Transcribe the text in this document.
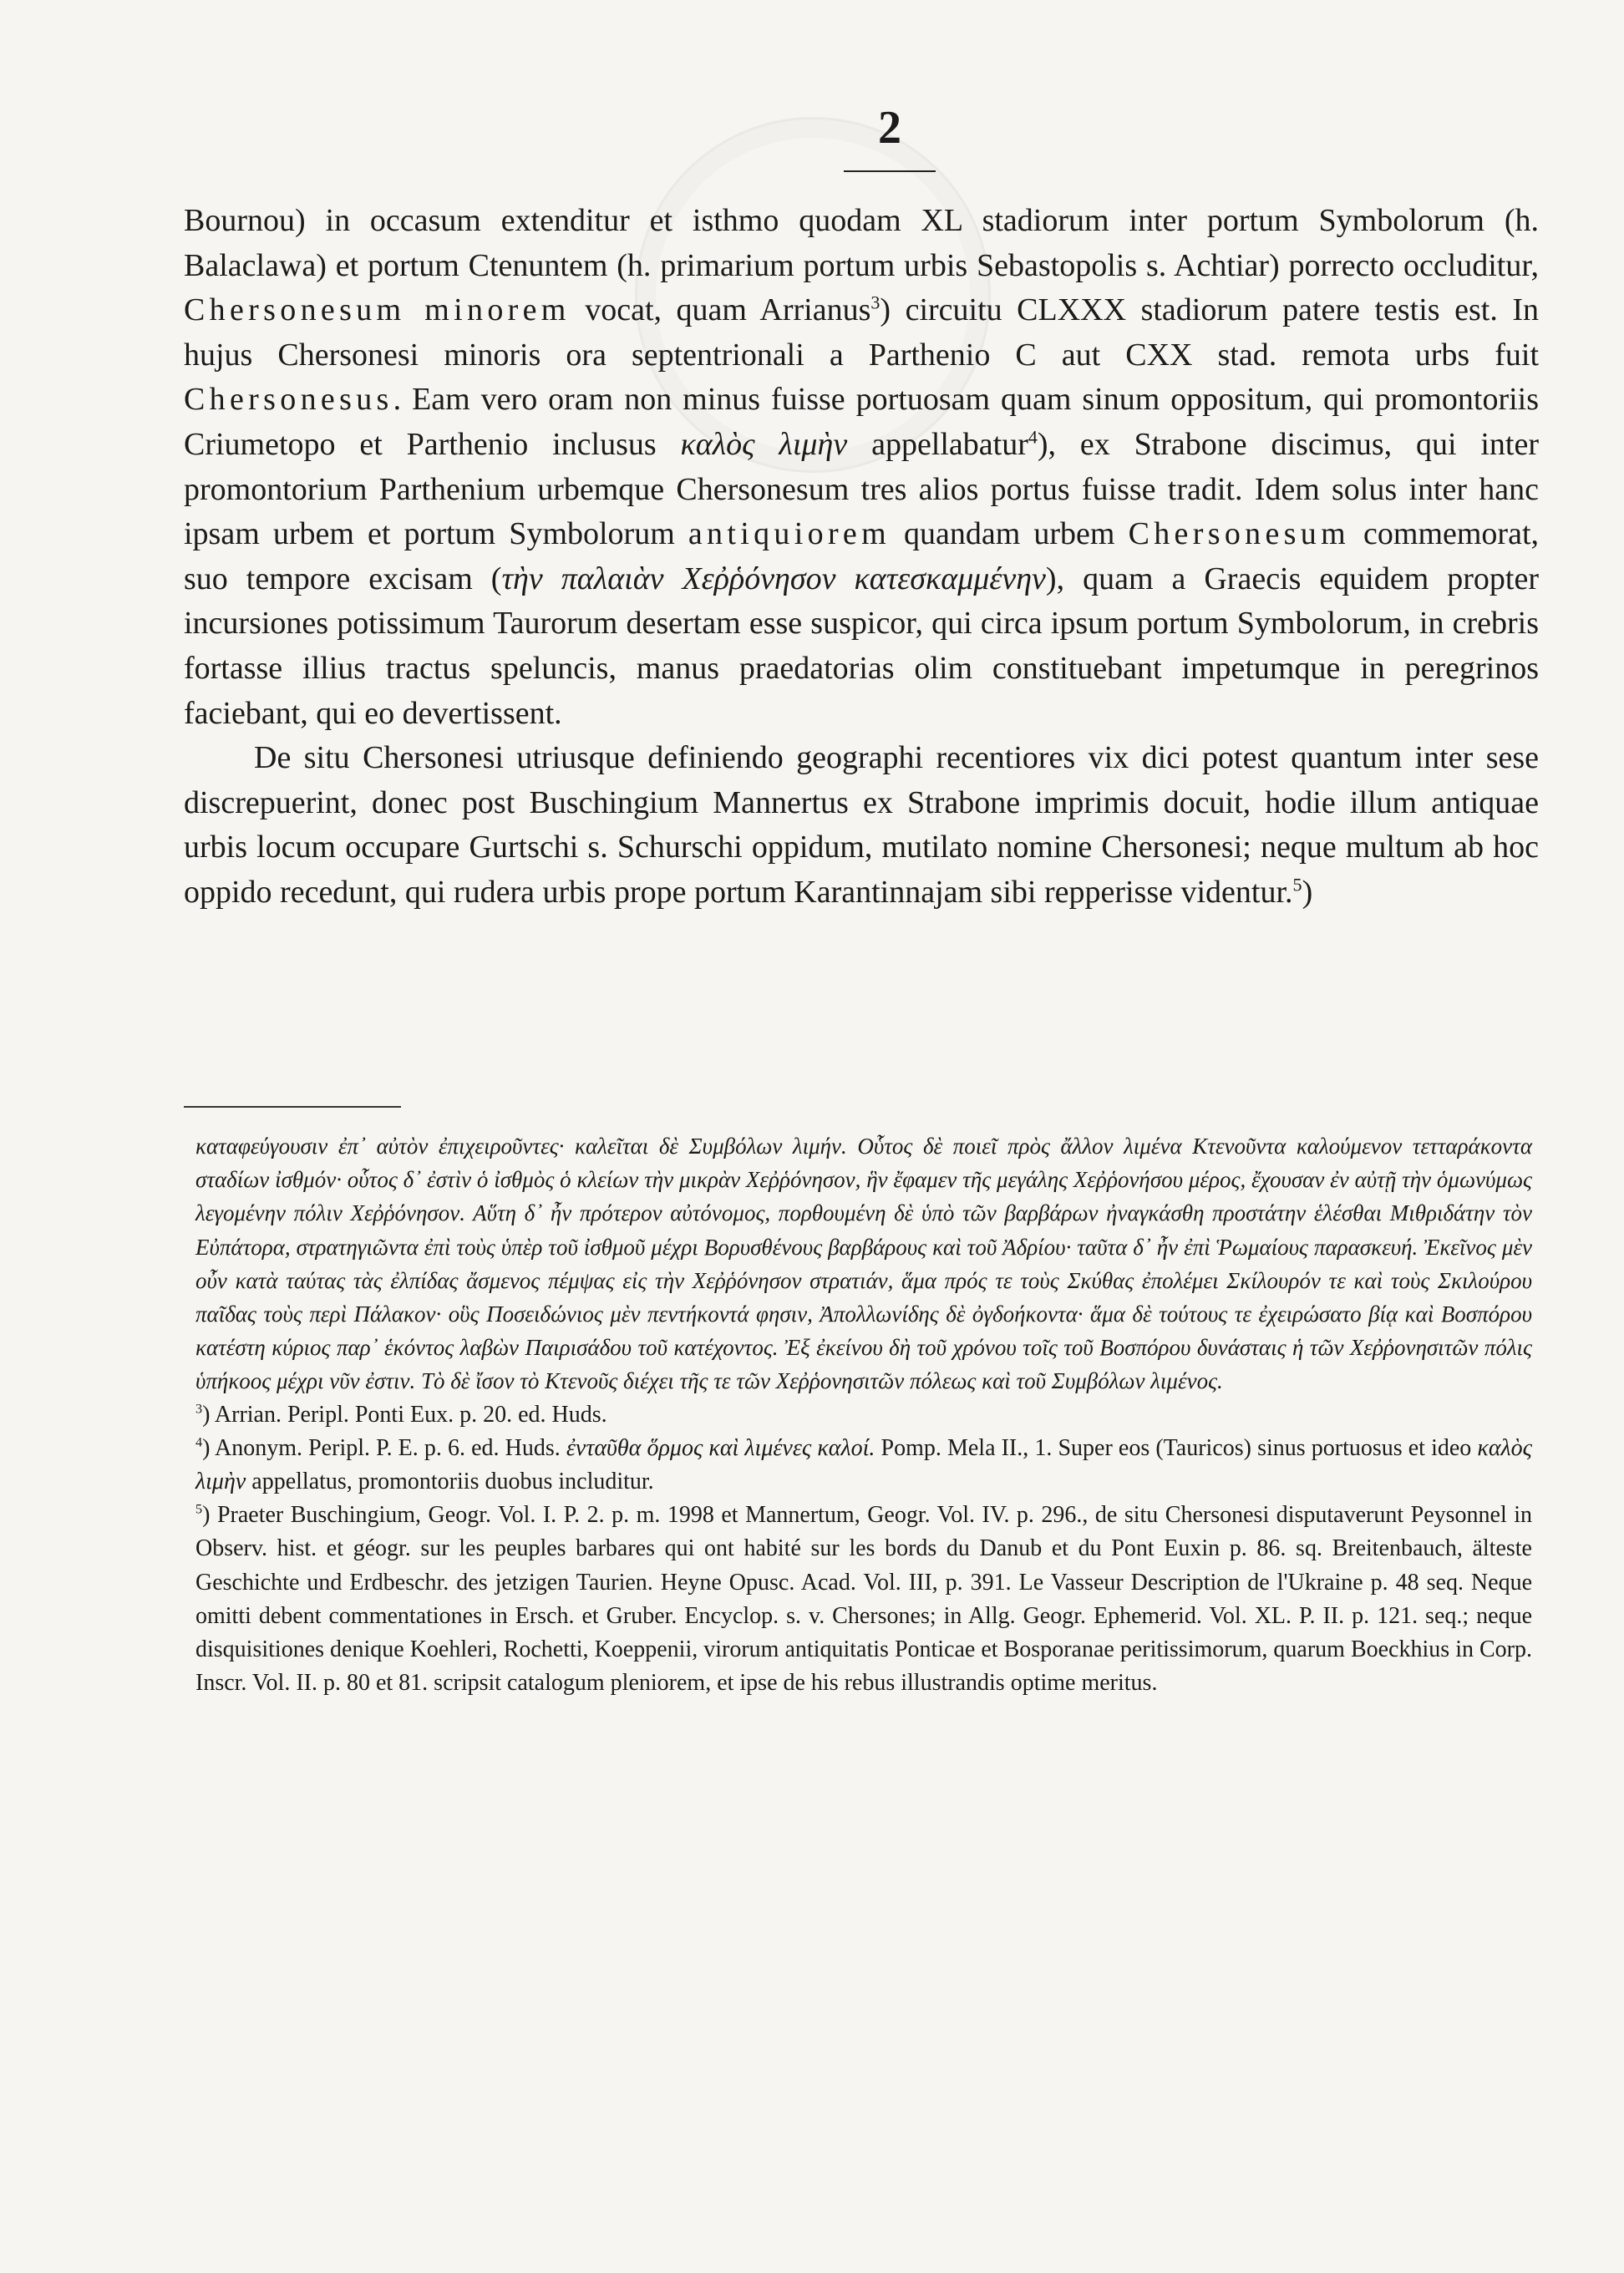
2

Bournou) in occasum extenditur et isthmo quodam XL stadiorum inter portum Symbolorum (h. Balaclawa) et portum Ctenuntem (h. primarium portum urbis Sebastopolis s. Achtiar) porrecto occluditur, Chersonesum minorem vocat, quam Arrianus$^3$) circuitu CLXXX stadiorum patere testis est. In hujus Chersonesi minoris ora septentrionali a Parthenio C aut CXX stad. remota urbs fuit Chersonesus. Eam vero oram non minus fuisse portuosam quam sinum oppositum, qui promontoriis Criumetopo et Parthenio inclusus καλὸς λιμὴν appellabatur$^4$), ex Strabone discimus, qui inter promontorium Parthenium urbemque Chersonesum tres alios portus fuisse tradit. Idem solus inter hanc ipsam urbem et portum Symbolorum antiquiorem quandam urbem Chersonesum commemorat, suo tempore excisam (τὴν παλαιὰν Χεῤῥόνησον κατεσκαμμένην), quam a Graecis equidem propter incursiones potissimum Taurorum desertam esse suspicor, qui circa ipsum portum Symbolorum, in crebris fortasse illius tractus speluncis, manus praedatorias olim constituebant impetumque in peregrinos faciebant, qui eo devertissent.

De situ Chersonesi utriusque definiendo geographi recentiores vix dici potest quantum inter sese discrepuerint, donec post Buschingium Mannertus ex Strabone imprimis docuit, hodie illum antiquae urbis locum occupare Gurtschi s. Schurschi oppidum, mutilato nomine Chersonesi; neque multum ab hoc oppido recedunt, qui rudera urbis prope portum Karantinnajam sibi repperisse videntur.$^5$)

καταφεύγουσιν ἐπ᾽ αὐτὸν ἐπιχειροῦντες· καλεῖται δὲ Συμβόλων λιμήν. Οὗτος δὲ ποιεῖ πρὸς ἄλλον λιμένα Κτενοῦντα καλούμενον τετταράκοντα σταδίων ἰσθμόν· οὗτος δ᾽ ἐστὶν ὁ ἰσθμὸς ὁ κλείων τὴν μικρὰν Χεῤῥόνησον, ἣν ἔφαμεν τῆς μεγάλης Χεῤῥονήσου μέρος, ἔχουσαν ἐν αὐτῇ τὴν ὁμωνύμως λεγομένην πόλιν Χεῤῥόνησον. Αὕτη δ᾽ ἦν πρότερον αὐτόνομος, πορθουμένη δὲ ὑπὸ τῶν βαρβάρων ἠναγκάσθη προστάτην ἑλέσθαι Μιθριδάτην τὸν Εὐπάτορα, στρατηγιῶντα ἐπὶ τοὺς ὑπὲρ τοῦ ἰσθμοῦ μέχρι Βορυσθένους βαρβάρους καὶ τοῦ Ἀδρίου· ταῦτα δ᾽ ἦν ἐπὶ Ῥωμαίους παρασκευή. Ἐκεῖνος μὲν οὖν κατὰ ταύτας τὰς ἐλπίδας ἄσμενος πέμψας εἰς τὴν Χεῤῥόνησον στρατιάν, ἅμα πρός τε τοὺς Σκύθας ἐπολέμει Σκίλουρόν τε καὶ τοὺς Σκιλούρου παῖδας τοὺς περὶ Πάλακον· οὓς Ποσειδώνιος μὲν πεντήκοντά φησιν, Ἀπολλωνίδης δὲ ὀγδοήκοντα· ἅμα δὲ τούτους τε ἐχειρώσατο βίᾳ καὶ Βοσπόρου κατέστη κύριος παρ᾽ ἑκόντος λαβὼν Παιρισάδου τοῦ κατέχοντος. Ἐξ ἐκείνου δὴ τοῦ χρόνου τοῖς τοῦ Βοσπόρου δυνάσταις ἡ τῶν Χεῤῥονησιτῶν πόλις ὑπήκοος μέχρι νῦν ἐστιν. Τὸ δὲ ἴσον τὸ Κτενοῦς διέχει τῆς τε τῶν Χεῤῥονησιτῶν πόλεως καὶ τοῦ Συμβόλων λιμένος.

$^3$) Arrian. Peripl. Ponti Eux. p. 20. ed. Huds.

$^4$) Anonym. Peripl. P. E. p. 6. ed. Huds. ἐνταῦθα ὅρμος καὶ λιμένες καλοί. Pomp. Mela II., 1. Super eos (Tauricos) sinus portuosus et ideo καλὸς λιμὴν appellatus, promontoriis duobus includitur.

$^5$) Praeter Buschingium, Geogr. Vol. I. P. 2. p. m. 1998 et Mannertum, Geogr. Vol. IV. p. 296., de situ Chersonesi disputaverunt Peysonnel in Observ. hist. et géogr. sur les peuples barbares qui ont habité sur les bords du Danub et du Pont Euxin p. 86. sq. Breitenbauch, älteste Geschichte und Erdbeschr. des jetzigen Taurien. Heyne Opusc. Acad. Vol. III, p. 391. Le Vasseur Description de l'Ukraine p. 48 seq. Neque omitti debent commentationes in Ersch. et Gruber. Encyclop. s. v. Chersones; in Allg. Geogr. Ephemerid. Vol. XL. P. II. p. 121. seq.; neque disquisitiones denique Koehleri, Rochetti, Koeppenii, virorum antiquitatis Ponticae et Bosporanae peritissimorum, quarum Boeckhius in Corp. Inscr. Vol. II. p. 80 et 81. scripsit catalogum pleniorem, et ipse de his rebus illustrandis optime meritus.
